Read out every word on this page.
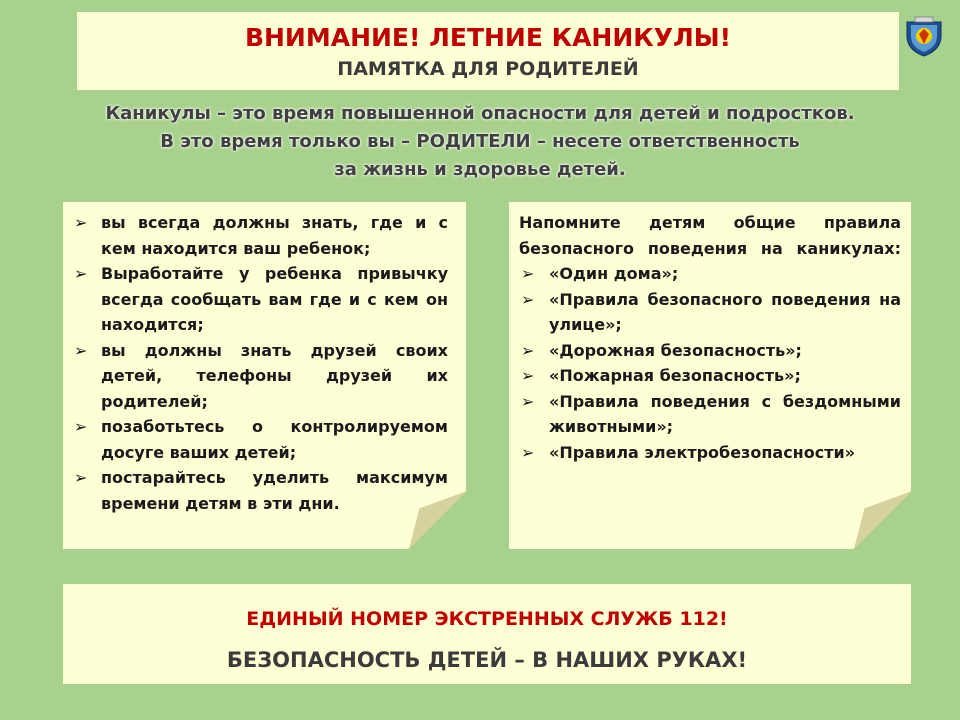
ВНИМАНИЕ! ЛЕТНИЕ КАНИКУЛЫ!
ПАМЯТКА ДЛЯ РОДИТЕЛЕЙ
Каникулы – это время повышенной опасности для детей и подростков.
В это время только вы – РОДИТЕЛИ – несете ответственность
за жизнь и здоровье детей.
➢ вы всегда должны знать, где и с кем находится ваш ребенок;
➢ Выработайте у ребенка привычку всегда сообщать вам где и с кем он находится;
➢ вы должны знать друзей своих детей, телефоны друзей их родителей;
➢ позаботьтесь о контролируемом досуге ваших детей;
➢ постарайтесь уделить максимум времени детям в эти дни.
Напомните детям общие правила
безопасного поведения на каникулах:
➢ «Один дома»;
➢ «Правила безопасного поведения на улице»;
➢ «Дорожная безопасность»;
➢ «Пожарная безопасность»;
➢ «Правила поведения с бездомными животными»;
➢ «Правила электробезопасности»
ЕДИНЫЙ НОМЕР ЭКСТРЕННЫХ СЛУЖБ 112!
БЕЗОПАСНОСТЬ ДЕТЕЙ – В НАШИХ РУКАХ!
